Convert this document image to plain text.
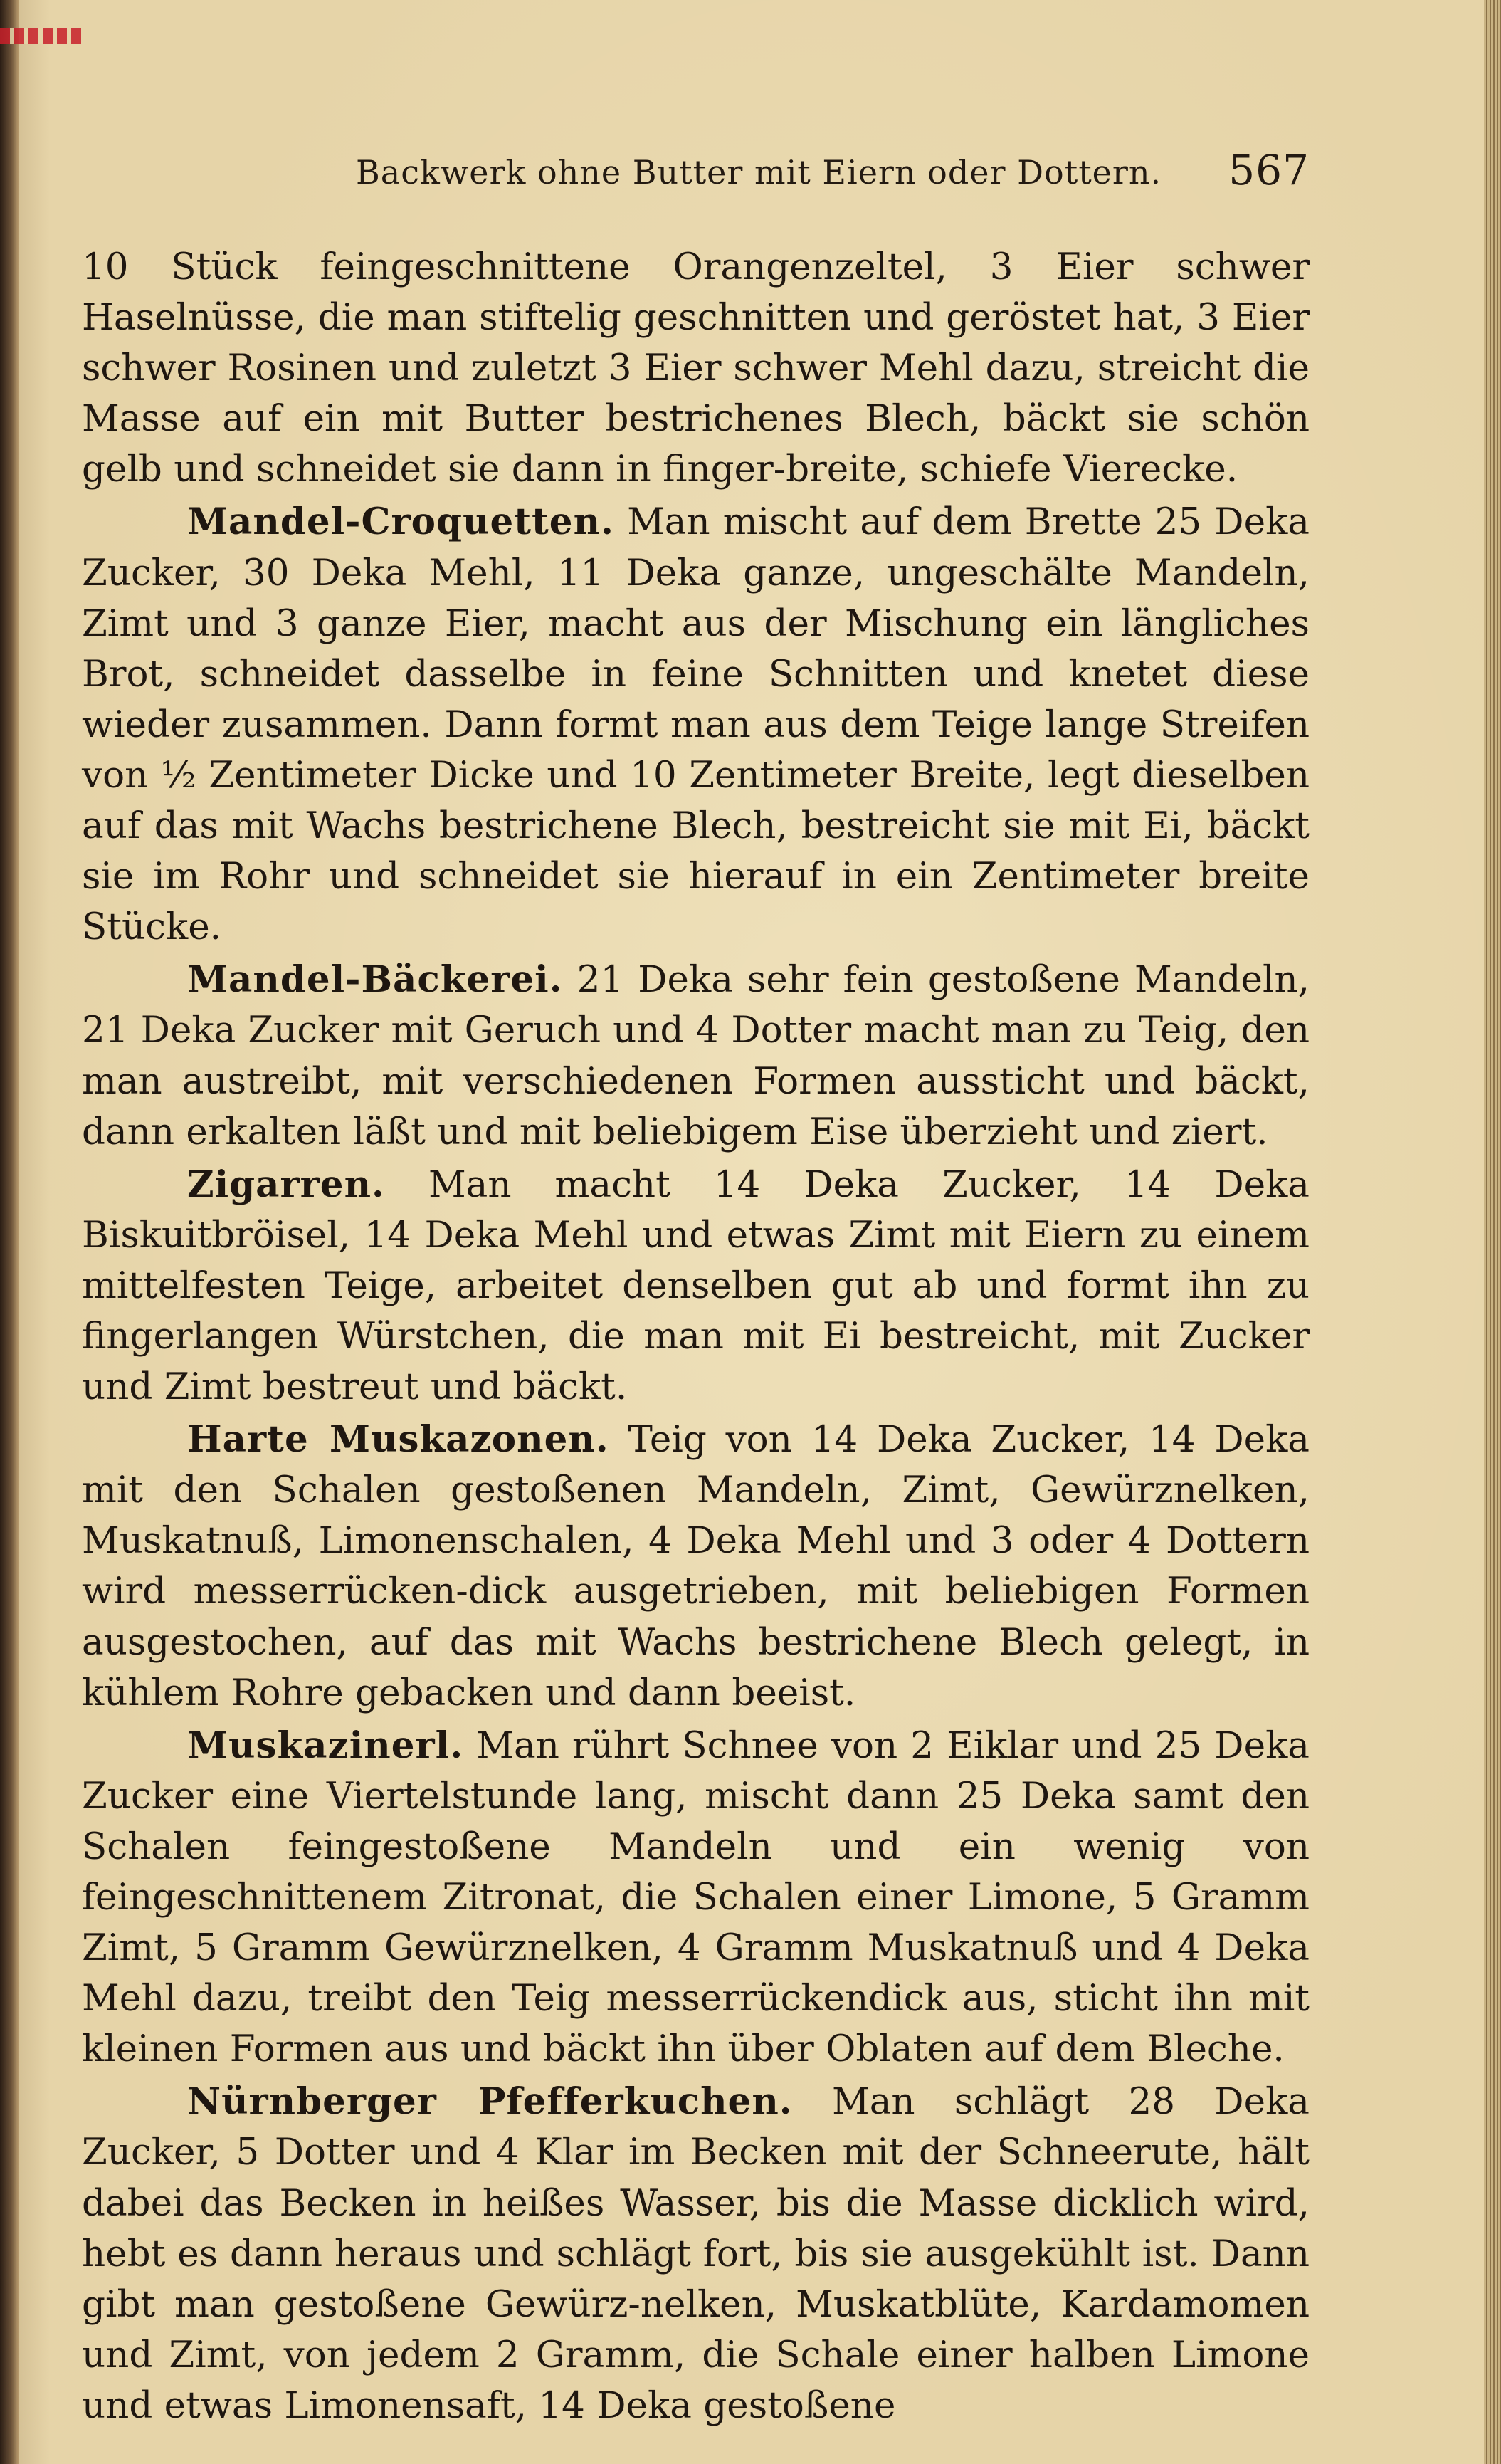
Backwerk ohne Butter mit Eiern oder Dottern. 567

10 Stück feingeschnittene Orangenzeltel, 3 Eier schwer Haselnüsse, die man stiftelig geschnitten und geröstet hat, 3 Eier schwer Rosinen und zuletzt 3 Eier schwer Mehl dazu, streicht die Masse auf ein mit Butter bestrichenes Blech, bäckt sie schön gelb und schneidet sie dann in finger-breite, schiefe Vierecke.

Mandel-Croquetten. Man mischt auf dem Brette 25 Deka Zucker, 30 Deka Mehl, 11 Deka ganze, ungeschälte Mandeln, Zimt und 3 ganze Eier, macht aus der Mischung ein längliches Brot, schneidet dasselbe in feine Schnitten und knetet diese wieder zusammen. Dann formt man aus dem Teige lange Streifen von ½ Zentimeter Dicke und 10 Zentimeter Breite, legt dieselben auf das mit Wachs bestrichene Blech, bestreicht sie mit Ei, bäckt sie im Rohr und schneidet sie hierauf in ein Zentimeter breite Stücke.

Mandel-Bäckerei. 21 Deka sehr fein gestoßene Mandeln, 21 Deka Zucker mit Geruch und 4 Dotter macht man zu Teig, den man austreibt, mit verschiedenen Formen aussticht und bäckt, dann erkalten läßt und mit beliebigem Eise überzieht und ziert.

Zigarren. Man macht 14 Deka Zucker, 14 Deka Biskuitbröisel, 14 Deka Mehl und etwas Zimt mit Eiern zu einem mittelfesten Teige, arbeitet denselben gut ab und formt ihn zu fingerlangen Würstchen, die man mit Ei bestreicht, mit Zucker und Zimt bestreut und bäckt.

Harte Muskazonen. Teig von 14 Deka Zucker, 14 Deka mit den Schalen gestoßenen Mandeln, Zimt, Gewürznelken, Muskatnuß, Limonenschalen, 4 Deka Mehl und 3 oder 4 Dottern wird messerrücken-dick ausgetrieben, mit beliebigen Formen ausgestochen, auf das mit Wachs bestrichene Blech gelegt, in kühlem Rohre gebacken und dann beeist.

Muskazinerl. Man rührt Schnee von 2 Eiklar und 25 Deka Zucker eine Viertelstunde lang, mischt dann 25 Deka samt den Schalen feingestoßene Mandeln und ein wenig von feingeschnittenem Zitronat, die Schalen einer Limone, 5 Gramm Zimt, 5 Gramm Gewürznelken, 4 Gramm Muskatnuß und 4 Deka Mehl dazu, treibt den Teig messerrückendick aus, sticht ihn mit kleinen Formen aus und bäckt ihn über Oblaten auf dem Bleche.

Nürnberger Pfefferkuchen. Man schlägt 28 Deka Zucker, 5 Dotter und 4 Klar im Becken mit der Schneerute, hält dabei das Becken in heißes Wasser, bis die Masse dicklich wird, hebt es dann heraus und schlägt fort, bis sie ausgekühlt ist. Dann gibt man gestoßene Gewürz-nelken, Muskatblüte, Kardamomen und Zimt, von jedem 2 Gramm, die Schale einer halben Limone und etwas Limonensaft, 14 Deka gestoßene
